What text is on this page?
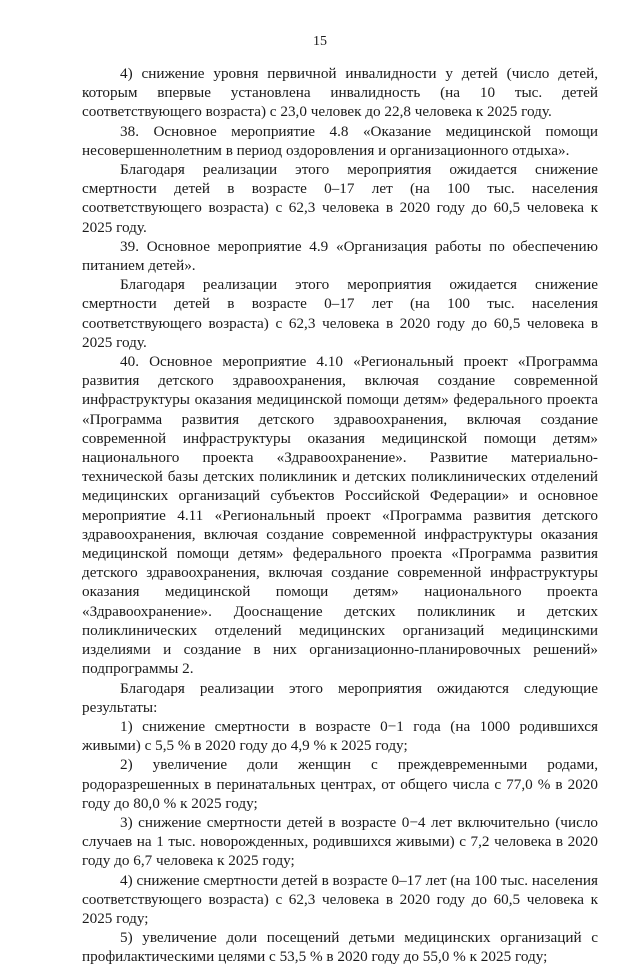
15

4) снижение уровня первичной инвалидности у детей (число детей, которым впервые установлена инвалидность (на 10 тыс. детей соответствующего возраста) с 23,0 человек до 22,8 человека к 2025 году.

38. Основное мероприятие 4.8 «Оказание медицинской помощи несовершеннолетним в период оздоровления и организационного отдыха».

Благодаря реализации этого мероприятия ожидается снижение смертности детей в возрасте 0–17 лет (на 100 тыс. населения соответствующего возраста) с 62,3 человека в 2020 году до 60,5 человека к 2025 году.

39. Основное мероприятие 4.9 «Организация работы по обеспечению питанием детей».

Благодаря реализации этого мероприятия ожидается снижение смертности детей в возрасте 0–17 лет (на 100 тыс. населения соответствующего возраста) с 62,3 человека в 2020 году до 60,5 человека в 2025 году.

40. Основное мероприятие 4.10 «Региональный проект «Программа развития детского здравоохранения, включая создание современной инфраструктуры оказания медицинской помощи детям» федерального проекта «Программа развития детского здравоохранения, включая создание современной инфраструктуры оказания медицинской помощи детям» национального проекта «Здравоохранение». Развитие материально-технической базы детских поликлиник и детских поликлинических отделений медицинских организаций субъектов Российской Федерации» и основное мероприятие 4.11 «Региональный проект «Программа развития детского здравоохранения, включая создание современной инфраструктуры оказания медицинской помощи детям» федерального проекта «Программа развития детского здравоохранения, включая создание современной инфраструктуры оказания медицинской помощи детям» национального проекта «Здравоохранение». Дооснащение детских поликлиник и детских поликлинических отделений медицинских организаций медицинскими изделиями и создание в них организационно-планировочных решений» подпрограммы 2.

Благодаря реализации этого мероприятия ожидаются следующие результаты:

1) снижение смертности в возрасте 0−1 года (на 1000 родившихся живыми) с 5,5 % в 2020 году до 4,9 % к 2025 году;

2) увеличение доли женщин с преждевременными родами, родоразрешенных в перинатальных центрах, от общего числа с 77,0 % в 2020 году до 80,0 % к 2025 году;

3) снижение смертности детей в возрасте 0−4 лет включительно (число случаев на 1 тыс. новорожденных, родившихся живыми) с 7,2 человека в 2020 году до 6,7 человека к 2025 году;

4) снижение смертности детей в возрасте 0–17 лет (на 100 тыс. населения соответствующего возраста) с 62,3 человека в 2020 году до 60,5 человека к 2025 году;

5) увеличение доли посещений детьми медицинских организаций с профилактическими целями с 53,5 % в 2020 году до 55,0 % к 2025 году;
